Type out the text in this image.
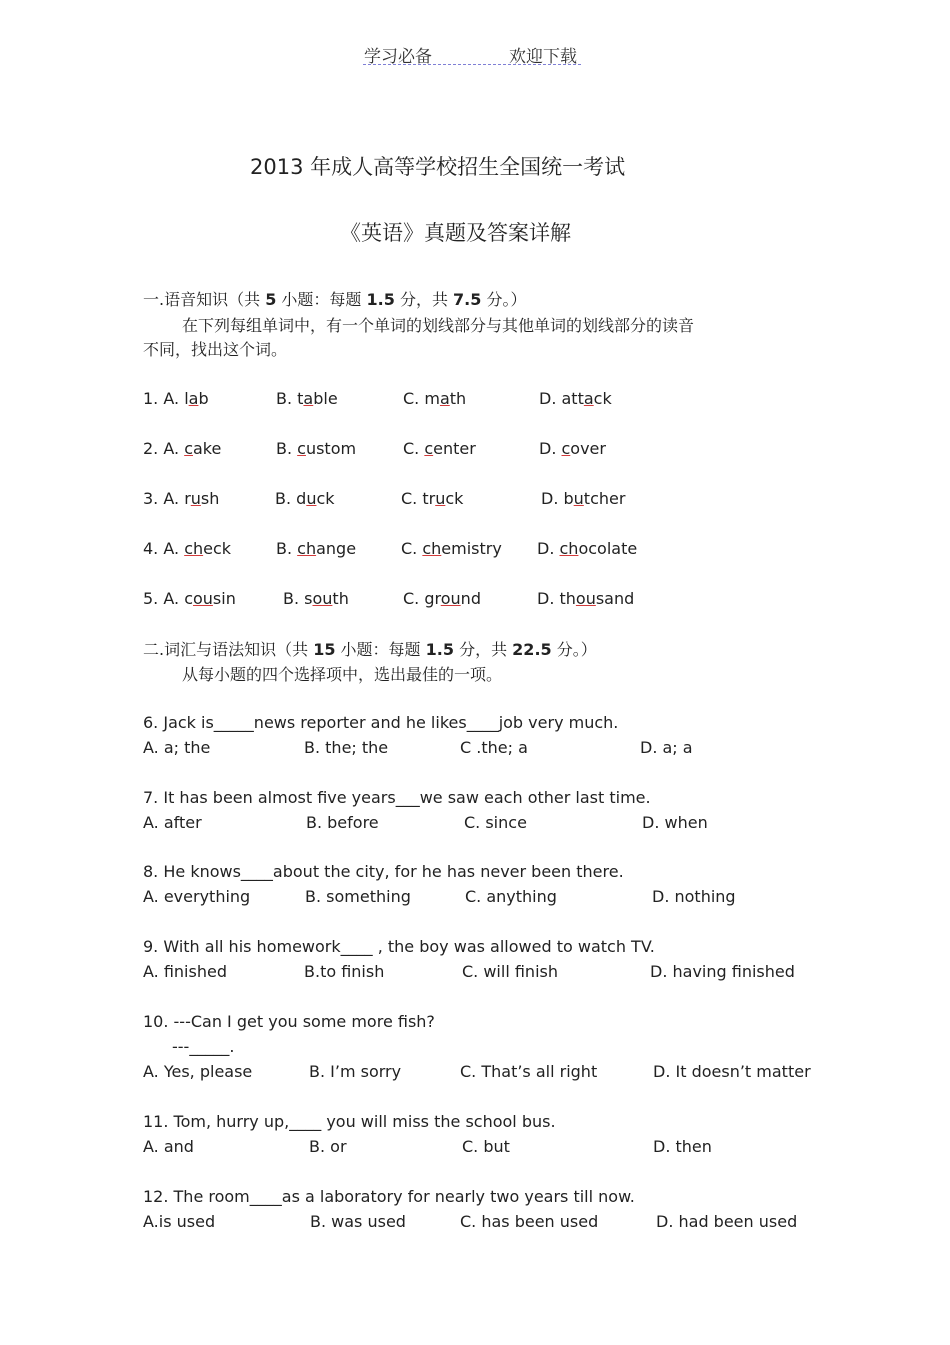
学习必备	欢迎下载
2013 年成人高等学校招生全国统一考试
《英语》真题及答案详解
一.语音知识（共 5 小题：每题 1.5 分，共 7.5 分。）
在下列每组单词中，有一个单词的划线部分与其他单词的划线部分的读音
不同，找出这个词。
1. A. lab	B. table	C. math	D. attack
2. A. cake	B. custom	C. center	D. cover
3. A. rush	B. duck	C. truck	D. butcher
4. A. check	B. change	C. chemistry D. chocolate
5. A. cousin	B. south	C. ground	D. thousand
二.词汇与语法知识（共 15 小题：每题 1.5 分，共 22.5 分。）
从每小题的四个选择项中，选出最佳的一项。
6. Jack is_____news reporter and he likes____job very much.
A. a; the	B. the; the	C .the; a	D. a; a
7. It has been almost five years___we saw each other last time.
A. after	B. before	C. since	D. when
8. He knows____about the city, for he has never been there.
A. everything	B. something	C. anything	D. nothing
9. With all his homework____ , the boy was allowed to watch TV.
A. finished	B.to finish	C. will finish	D. having finished
10. ---Can I get you some more fish?
---_____.
A. Yes, please	B. I’m sorry	C. That’s all right	D. It doesn’t matter
11. Tom, hurry up,____ you will miss the school bus.
A. and	B. or	C. but	D. then
12. The room____as a laboratory for nearly two years till now.
A.is used	B. was used	C. has been used	D. had been used
